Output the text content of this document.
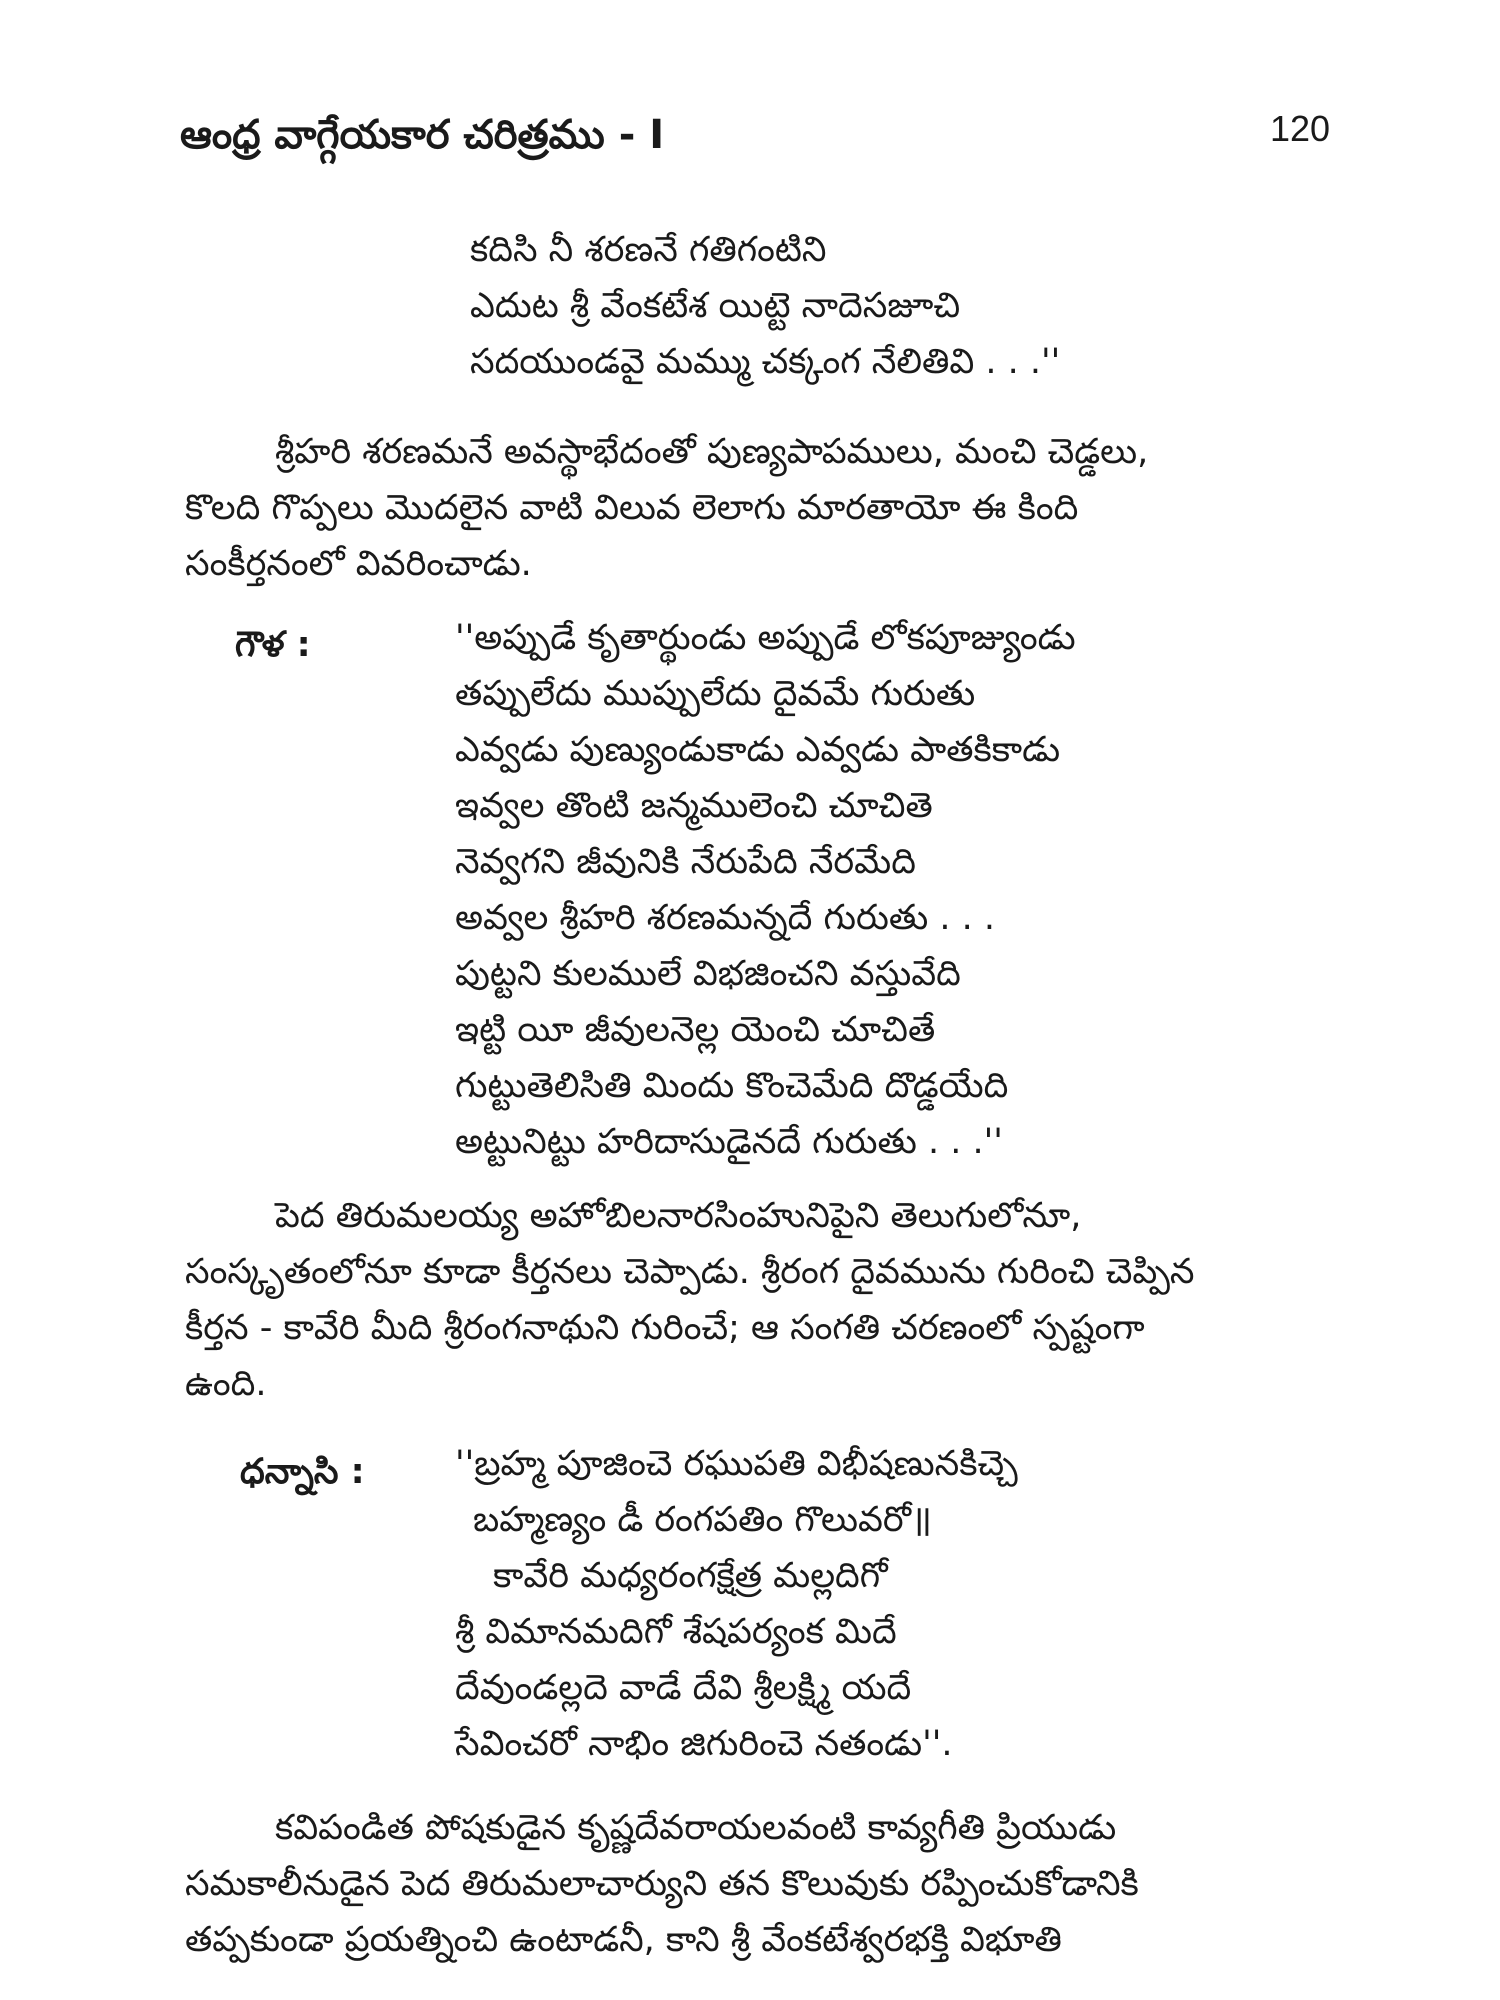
ఆంధ్ర వాగ్గేయకార చరిత్రము - I	120
కదిసి నీ శరణనే గతిగంటిని
ఎదుట శ్రీ వేంకటేశ యిట్టె నాదెసజూచి
సదయుండవై మమ్ము చక్కంగ నేలితివి . . .''
శ్రీహరి శరణమనే అవస్థాభేదంతో పుణ్యపాపములు, మంచి చెడ్డలు,
కొలది గొప్పలు మొదలైన వాటి విలువ లెలాగు మారతాయో ఈ కింది
సంకీర్తనంలో వివరించాడు.
గౌళ :	''అప్పుడే కృతార్థుండు అప్పుడే లోకపూజ్యుండు
తప్పులేదు ముప్పులేదు దైవమే గురుతు
ఎవ్వడు పుణ్యుండుకాడు ఎవ్వడు పాతకికాడు
ఇవ్వల తొంటి జన్మములెంచి చూచితె
నెవ్వగని జీవునికి నేరుపేది నేరమేది
అవ్వల శ్రీహరి శరణమన్నదే గురుతు . . .
పుట్టని కులములే విభజించని వస్తువేది
ఇట్టి యీ జీవులనెల్ల యెంచి చూచితే
గుట్టుతెలిసితి మిందు కొంచెమేది దొడ్డయేది
అట్టునిట్టు హరిదాసుడైనదే గురుతు . . .''
పెద తిరుమలయ్య అహోబిలనారసింహునిపైని తెలుగులోనూ,
సంస్కృతంలోనూ కూడా కీర్తనలు చెప్పాడు. శ్రీరంగ దైవమును గురించి చెప్పిన
కీర్తన - కావేరి మీది శ్రీరంగనాథుని గురించే; ఆ సంగతి చరణంలో స్పష్టంగా
ఉంది.
ధన్నాసి :	''బ్రహ్మ పూజించె రఘుపతి విభీషణునకిచ్చె
బహ్మణ్యం డీ రంగపతిం గొలువరో॥
కావేరి మధ్యరంగక్షేత్ర మల్లదిగో
శ్రీ విమానమదిగో శేషపర్యంక మిదే
దేవుండల్లదె వాడే దేవి శ్రీలక్ష్మి యదే
సేవించరో నాభిం జిగురించె నతండు''.
కవిపండిత పోషకుడైన కృష్ణదేవరాయలవంటి కావ్యగీతి ప్రియుడు
సమకాలీనుడైన పెద తిరుమలాచార్యుని తన కొలువుకు రప్పించుకోడానికి
తప్పకుండా ప్రయత్నించి ఉంటాడనీ, కాని శ్రీ వేంకటేశ్వరభక్తి విభూతి
